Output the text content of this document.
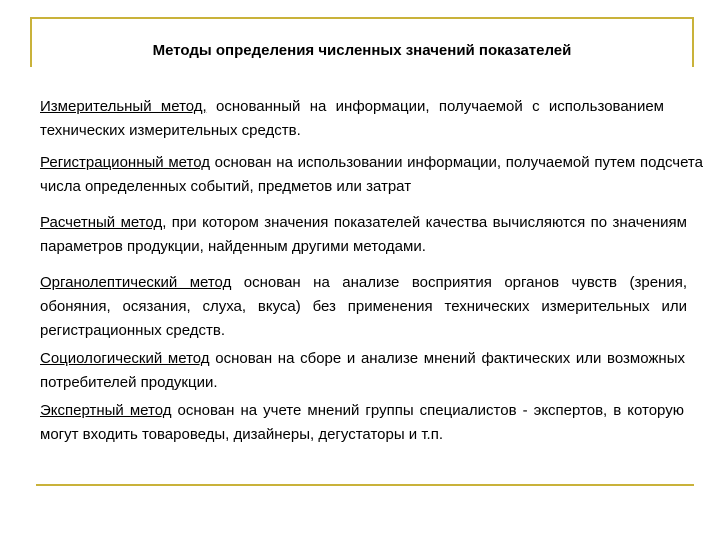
Методы определения численных значений показателей
Измерительный метод, основанный на информации, получаемой с использованием технических измерительных средств.
Регистрационный метод основан на использовании информации, получаемой путем подсчета числа определенных событий, предметов или затрат
Расчетный метод, при котором значения показателей качества вычисляются по значениям параметров продукции, найденным другими методами.
Органолептический метод основан на анализе восприятия органов чувств (зрения, обоняния, осязания, слуха, вкуса) без применения технических измерительных или регистрационных средств.
Социологический метод основан на сборе и анализе мнений фактических или возможных потребителей продукции.
Экспертный метод основан на учете мнений группы специалистов - экспертов, в которую могут входить товароведы, дизайнеры, дегустаторы и т.п.
